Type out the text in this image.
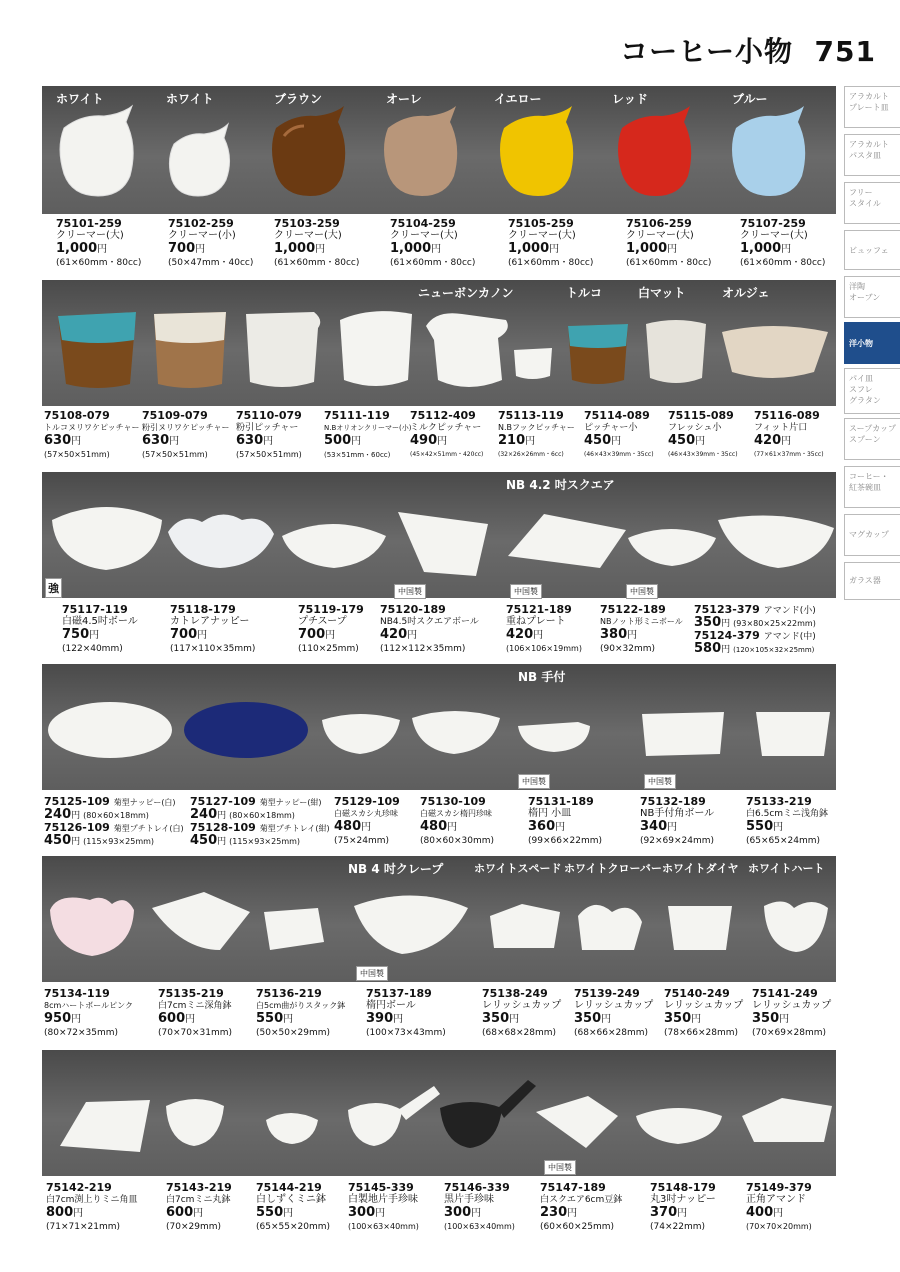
コーヒー小物 751
アラカルト
プレート皿
アラカルト
パスタ皿
フリー
スタイル
ビュッフェ
洋陶
オーブン
洋小物
パイ皿
スフレ
グラタン
スープカップ
スプーン
コーヒー・
紅茶碗皿
マグカップ
ガラス器
ホワイト	ホワイト	ブラウン	オーレ	イエロー	レッド	ブルー
75101-259
クリーマー(大)
1,000円
(61×60mm・80cc)
75102-259
クリーマー(小)
700円
(50×47mm・40cc)
75103-259
クリーマー(大)
1,000円
(61×60mm・80cc)
75104-259
クリーマー(大)
1,000円
(61×60mm・80cc)
75105-259
クリーマー(大)
1,000円
(61×60mm・80cc)
75106-259
クリーマー(大)
1,000円
(61×60mm・80cc)
75107-259
クリーマー(大)
1,000円
(61×60mm・80cc)
ニューボンカノン	トルコ	白マット	オルジェ
75108-079
トルコヌリワケピッチャー
630円
(57×50×51mm)
75109-079
粉引ヌリワケピッチャー
630円
(57×50×51mm)
75110-079
粉引ピッチャー
630円
(57×50×51mm)
75111-119
N.Bオリオンクリーマー(小)
500円
(53×51mm・60cc)
75112-409
ミルクピッチャー
490円
(45×42×51mm・420cc)
75113-119
N.Bフックピッチャー
210円
(32×26×26mm・6cc)
75114-089
ピッチャー小
450円
(46×43×39mm・35cc)
75115-089
フレッシュ小
450円
(46×43×39mm・35cc)
75116-089
フィット片口
420円
(77×61×37mm・35cc)
NB 4.2 吋スクエア
強	中国製	中国製	中国製
75117-119
白磁4.5吋ボール
750円
(122×40mm)
75118-179
カトレアナッピー
700円
(117×110×35mm)
75119-179
プチスープ
700円
(110×25mm)
75120-189
NB4.5吋スクエアボール
420円
(112×112×35mm)
75121-189
重ねプレート
420円
(106×106×19mm)
75122-189
NBノット形ミニボール
380円
(90×32mm)
75123-379 アマンド(小)
350円 (93×80×25×22mm)
75124-379 アマンド(中)
580円 (120×105×32×25mm)
NB 手付
中国製	中国製
75125-109 菊型ナッピー(白)
240円 (80×60×18mm)
75126-109 菊型プチトレイ(白)
450円 (115×93×25mm)
75127-109 菊型ナッピー(紺)
240円 (80×60×18mm)
75128-109 菊型プチトレイ(紺)
450円 (115×93×25mm)
75129-109
白磁スカシ丸珍味
480円
(75×24mm)
75130-109
白磁スカシ楕円珍味
480円
(80×60×30mm)
75131-189
楕円 小皿
360円
(99×66×22mm)
75132-189
NB手付角ボール
340円
(92×69×24mm)
75133-219
白6.5cmミニ浅角鉢
550円
(65×65×24mm)
NB 4 吋クレープ	ホワイトスペード ホワイトクローバー ホワイトダイヤ ホワイトハート
中国製
75134-119
8cmハートボールピンク
950円
(80×72×35mm)
75135-219
白7cmミニ深角鉢
600円
(70×70×31mm)
75136-219
白5cm曲がりスタック鉢
550円
(50×50×29mm)
75137-189
楕円ボール
390円
(100×73×43mm)
75138-249
レリッシュカップ
350円
(68×68×28mm)
75139-249
レリッシュカップ
350円
(68×66×28mm)
75140-249
レリッシュカップ
350円
(78×66×28mm)
75141-249
レリッシュカップ
350円
(70×69×28mm)
中国製
75142-219
白7cm渕上りミニ角皿
800円
(71×71×21mm)
75143-219
白7cmミニ丸鉢
600円
(70×29mm)
75144-219
白しずくミニ鉢
550円
(65×55×20mm)
75145-339
白製地片手珍味
300円
(100×63×40mm)
75146-339
黒片手珍味
300円
(100×63×40mm)
75147-189
白スクエア6cm豆鉢
230円
(60×60×25mm)
75148-179
丸3吋ナッピー
370円
(74×22mm)
75149-379
正角アマンド
400円
(70×70×20mm)
